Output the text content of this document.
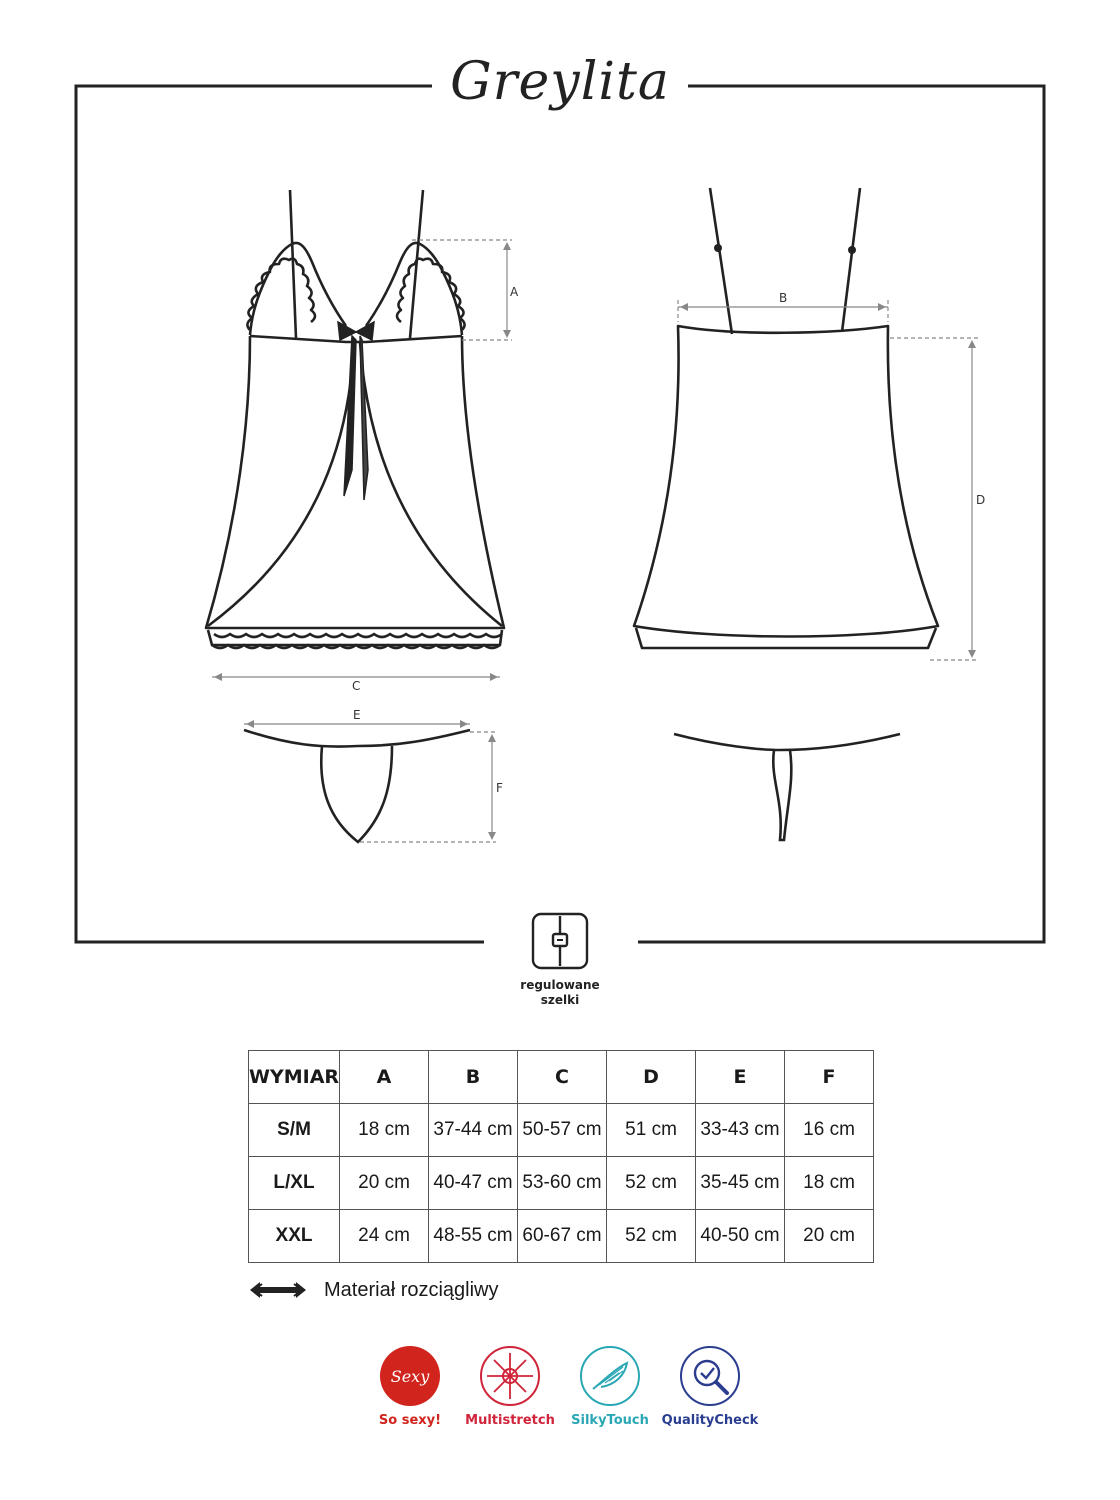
A	B
C
D
E
F
Greylita
regulowane
szelki
WYMIAR	A	B	C	D	E	F
S/M	18 cm	37-44 cm	50-57 cm	51 cm	33-43 cm	16 cm
L/XL	20 cm	40-47 cm	53-60 cm	52 cm	35-45 cm	18 cm
XXL	24 cm	48-55 cm	60-67 cm	52 cm	40-50 cm	20 cm
Materiał rozciągliwy
Sexy
So sexy!	Multistretch	SilkyTouch QualityCheck
